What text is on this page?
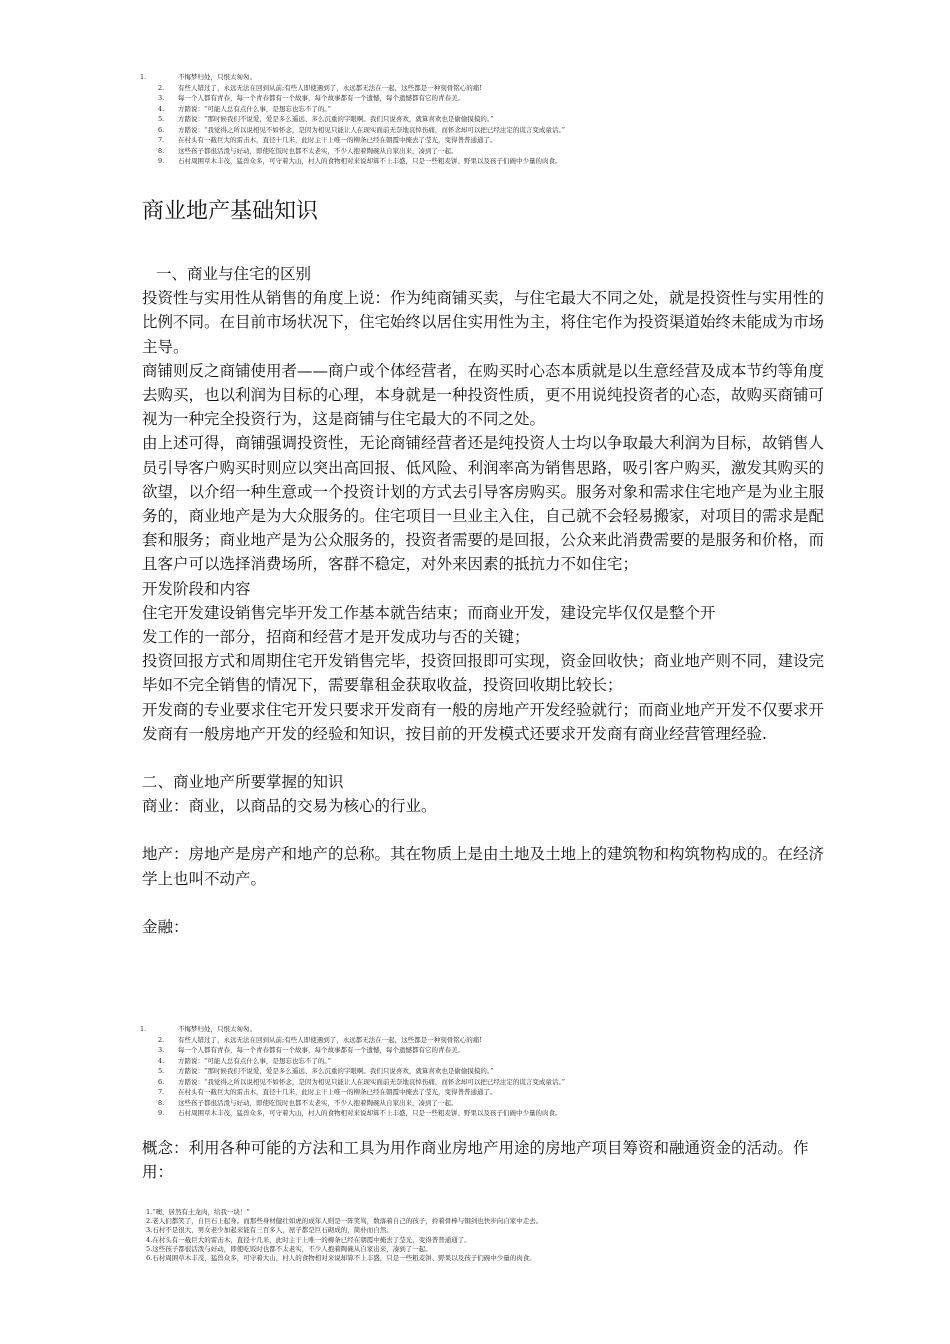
1.	不悔梦归处，只恨太匆匆。
2.	有些人错过了，永远无法在回到从前;有些人即使遇到了，永远都无法在一起，这些都是一种刻骨铭心的痛!
3.	每一个人都有青春，每一个青春都有一个故事，每个故事都有一个遗憾，每个遗憾都有它的青春美。
4.	方踏说：“可能人总有点什么事，是想忘也忘不了的。”
5.	方踏说：“那时候我们不说爱，爱是多么遥远、多么沉重的字眼啊。我们只说喜欢，就算喜欢也是偷偷摸摸的。”
6.	方踏说：“我觉得之所以说相见不如怀念，是因为相见只能让人在现实面前无奈地哀悼伤痛，而怀念却可以把已经注定的谎言变成童话。”
7.	在村头有一截巨大的雷击木，直径十几米，此时主干上唯一的柳条已经在朝霞中掩去了莹光，变得普普通通了。
8.	这些孩子都很活泼与好动，即使吃饭时也都不太老实，不少人抱着陶碗从自家出来，凑到了一起。
9.	石村周围草木丰茂，猛兽众多，可守着大山，村人的食物相对来说却算不上丰盛，只是一些粗麦饼、野果以及孩子们碗中少量的肉食。
商业地产基础知识

一、商业与住宅的区别

投资性与实用性从销售的角度上说：作为纯商铺买卖，与住宅最大不同之处，就是投资性与实用性的比例不同。在目前市场状况下，住宅始终以居住实用性为主，将住宅作为投资渠道始终未能成为市场主导。

商铺则反之商铺使用者——商户或个体经营者，在购买时心态本质就是以生意经营及成本节约等角度去购买，也以利润为目标的心理，本身就是一种投资性质，更不用说纯投资者的心态，故购买商铺可视为一种完全投资行为，这是商铺与住宅最大的不同之处。

由上述可得，商铺强调投资性，无论商铺经营者还是纯投资人士均以争取最大利润为目标，故销售人员引导客户购买时则应以突出高回报、低风险、利润率高为销售思路，吸引客户购买，激发其购买的欲望，以介绍一种生意或一个投资计划的方式去引导客房购买。服务对象和需求住宅地产是为业主服务的，商业地产是为大众服务的。住宅项目一旦业主入住，自己就不会轻易搬家，对项目的需求是配套和服务；商业地产是为公众服务的，投资者需要的是回报，公众来此消费需要的是服务和价格，而且客户可以选择消费场所，客群不稳定，对外来因素的抵抗力不如住宅；

开发阶段和内容

住宅开发建设销售完毕开发工作基本就告结束；而商业开发，建设完毕仅仅是整个开

发工作的一部分，招商和经营才是开发成功与否的关键；

投资回报方式和周期住宅开发销售完毕，投资回报即可实现，资金回收快；商业地产则不同，建设完毕如不完全销售的情况下，需要靠租金获取收益，投资回收期比较长；

开发商的专业要求住宅开发只要求开发商有一般的房地产开发经验就行；而商业地产开发不仅要求开发商有一般房地产开发的经验和知识，按目前的开发模式还要求开发商有商业经营管理经验.

二、商业地产所要掌握的知识

商业：商业，以商品的交易为核心的行业。

地产：房地产是房产和地产的总称。其在物质上是由土地及土地上的建筑物和构筑物构成的。在经济学上也叫不动产。

金融：

1.	不悔梦归处，只恨太匆匆。
2.	有些人错过了，永远无法在回到从前;有些人即使遇到了，永远都无法在一起，这些都是一种刻骨铭心的痛!
3.	每一个人都有青春，每一个青春都有一个故事，每个故事都有一个遗憾，每个遗憾都有它的青春美。
4.	方踏说：“可能人总有点什么事，是想忘也忘不了的。”
5.	方踏说：“那时候我们不说爱，爱是多么遥远、多么沉重的字眼啊。我们只说喜欢，就算喜欢也是偷偷摸摸的。”
6.	方踏说：“我觉得之所以说相见不如怀念，是因为相见只能让人在现实面前无奈地哀悼伤痛，而怀念却可以把已经注定的谎言变成童话。”
7.	在村头有一截巨大的雷击木，直径十几米，此时主干上唯一的柳条已经在朝霞中掩去了莹光，变得普普通通了。
8.	这些孩子都很活泼与好动，即使吃饭时也都不太老实，不少人抱着陶碗从自家出来，凑到了一起。
9.	石村周围草木丰茂，猛兽众多，可守着大山，村人的食物相对来说却算不上丰盛，只是一些粗麦饼、野果以及孩子们碗中少量的肉食。

概念：利用各种可能的方法和工具为用作商业房地产用途的房地产项目筹资和融通资金的活动。作用：

1.“噢，居然有土龙肉，给我一块！”
2.老人们都笑了，自巨石上起身。而那些身材健壮如虎的成年人则是一阵笑骂，数落着自己的孩子，拎着骨棒与铜剑也快步向自家中走去。
3.石村不是很大，男女老少加起来能有三百多人，屋子都是巨石砌成的，简朴而自然。
4.在村头有一截巨大的雷击木，直径十几米，此时主干上唯一的柳条已经在朝霞中掩去了莹光，变得普普通通了。
5.这些孩子都很活泼与好动，即使吃饭时也都不太老实，不少人抱着陶碗从自家出来，凑到了一起。
6.石村周围草木丰茂，猛兽众多，可守着大山，村人的食物相对来说却算不上丰盛，只是一些粗麦饼、野果以及孩子们碗中少量的肉食。
